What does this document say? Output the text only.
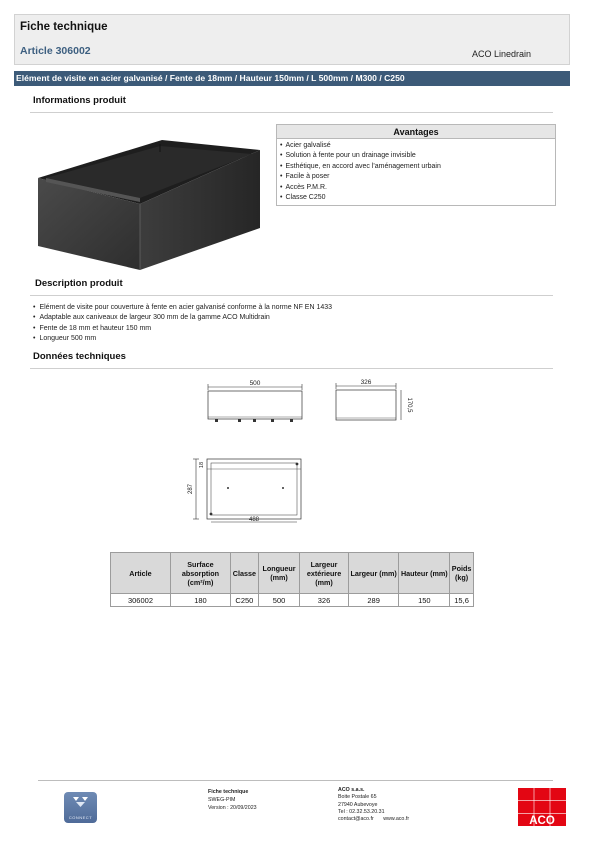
Fiche technique
Article 306002	ACO Linedrain
Elément de visite en acier galvanisé / Fente de 18mm / Hauteur 150mm / L 500mm / M300 / C250
Informations produit
Avantages
• Acier galvalisé
• Solution à fente pour un drainage invisible
• Esthétique, en accord avec l'aménagement urbain
• Facile à poser
• Accès P.M.R.
• Classe C250
Description produit
• Elément de visite pour couverture à fente en acier galvanisé conforme à la norme NF EN 1433
• Adaptable aux caniveaux de largeur 300 mm de la gamme ACO Multidrain
• Fente de 18 mm et hauteur 150 mm
• Longueur 500 mm
Données techniques
500	326
170,5
287
18
488
Article	Surface absorption (cm²/m)	Classe	Longueur (mm)	Largeur extérieure (mm)	Largeur (mm)	Hauteur (mm)	Poids (kg)
306002	180	C250	500	326	289	150	15,6
CONNECT
Fiche technique
SWEG-PIM
Version : 20/09/2023
ACO s.a.s.
Boite Postale 65
27940 Aubevoye
Tel : 02.32.53.20.31
contact@aco.fr www.aco.fr	ACO
